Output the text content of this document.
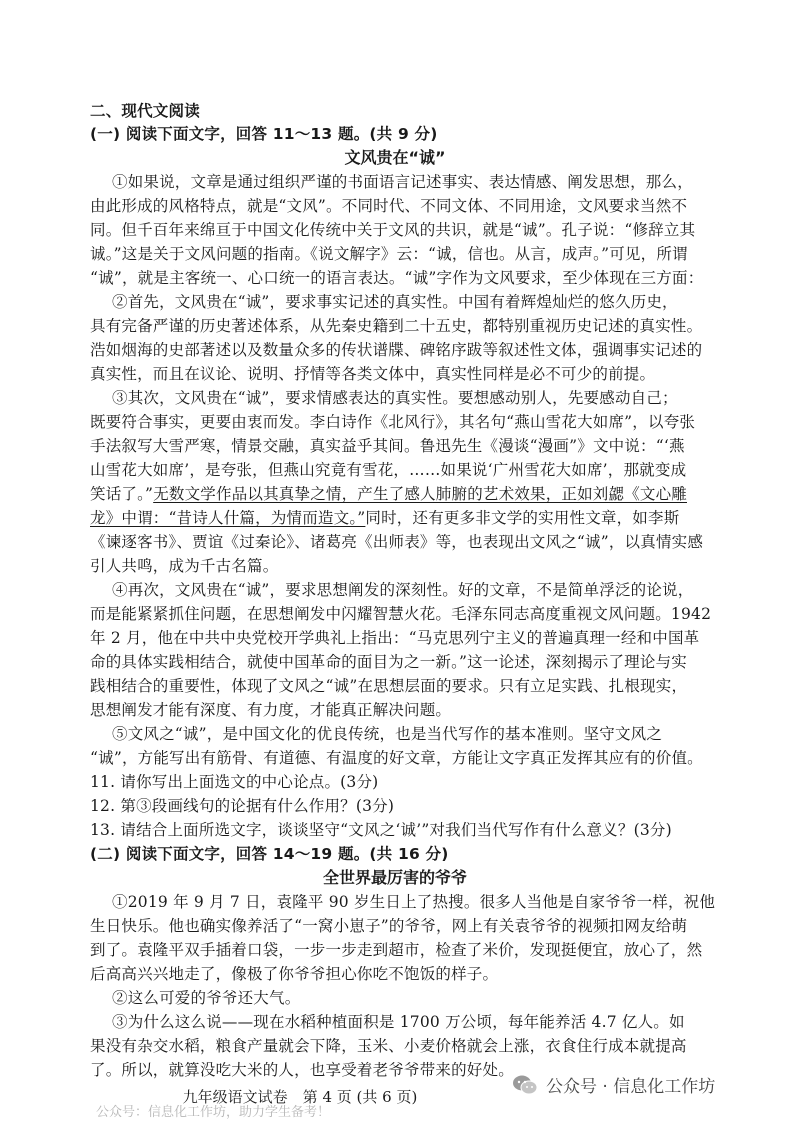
二、现代文阅读
(一) 阅读下面文字，回答 11～13 题。(共 9 分)
文风贵在“诚”
①如果说，文章是通过组织严谨的书面语言记述事实、表达情感、阐发思想，那么，
由此形成的风格特点，就是“文风”。不同时代、不同文体、不同用途，文风要求当然不
同。但千百年来绵亘于中国文化传统中关于文风的共识，就是“诚”。孔子说：“修辞立其
诚。”这是关于文风问题的指南。《说文解字》云：“诚，信也。从言，成声。”可见，所谓
“诚”，就是主客统一、心口统一的语言表达。“诚”字作为文风要求，至少体现在三方面：
②首先，文风贵在“诚”，要求事实记述的真实性。中国有着辉煌灿烂的悠久历史，
具有完备严谨的历史著述体系，从先秦史籍到二十五史，都特别重视历史记述的真实性。
浩如烟海的史部著述以及数量众多的传状谱牒、碑铭序跋等叙述性文体，强调事实记述的
真实性，而且在议论、说明、抒情等各类文体中，真实性同样是必不可少的前提。
③其次，文风贵在“诚”，要求情感表达的真实性。要想感动别人，先要感动自己；
既要符合事实，更要由衷而发。李白诗作《北风行》，其名句“燕山雪花大如席”，以夸张
手法叙写大雪严寒，情景交融，真实益乎其间。鲁迅先生《漫谈“漫画”》文中说：“‘燕
山雪花大如席’，是夸张，但燕山究竟有雪花，……如果说‘广州雪花大如席’，那就变成
笑话了。”无数文学作品以其真挚之情，产生了感人肺腑的艺术效果，正如刘勰《文心雕
龙》中谓：“昔诗人什篇，为情而造文。”同时，还有更多非文学的实用性文章，如李斯
《谏逐客书》、贾谊《过秦论》、诸葛亮《出师表》等，也表现出文风之“诚”，以真情实感
引人共鸣，成为千古名篇。
④再次，文风贵在“诚”，要求思想阐发的深刻性。好的文章，不是简单浮泛的论说，
而是能紧紧抓住问题，在思想阐发中闪耀智慧火花。毛泽东同志高度重视文风问题。1942
年 2 月，他在中共中央党校开学典礼上指出：“马克思列宁主义的普遍真理一经和中国革
命的具体实践相结合，就使中国革命的面目为之一新。”这一论述，深刻揭示了理论与实
践相结合的重要性，体现了文风之“诚”在思想层面的要求。只有立足实践、扎根现实，
思想阐发才能有深度、有力度，才能真正解决问题。
⑤文风之“诚”，是中国文化的优良传统，也是当代写作的基本准则。坚守文风之
“诚”，方能写出有筋骨、有道德、有温度的好文章，方能让文字真正发挥其应有的价值。
11. 请你写出上面选文的中心论点。(3分)
12. 第③段画线句的论据有什么作用？(3分)
13. 请结合上面所选文字，谈谈坚守“文风之‘诚’”对我们当代写作有什么意义？(3分)
(二) 阅读下面文字，回答 14～19 题。(共 16 分)
全世界最厉害的爷爷
①2019 年 9 月 7 日，袁隆平 90 岁生日上了热搜。很多人当他是自家爷爷一样，祝他
生日快乐。他也确实像养活了“一窝小崽子”的爷爷，网上有关袁爷爷的视频扣网友给萌
到了。袁隆平双手插着口袋，一步一步走到超市，检查了米价，发现挺便宜，放心了，然
后高高兴兴地走了，像极了你爷爷担心你吃不饱饭的样子。
②这么可爱的爷爷还大气。
③为什么这么说——现在水稻种植面积是 1700 万公顷，每年能养活 4.7 亿人。如
果没有杂交水稻，粮食产量就会下降，玉米、小麦价格就会上涨，衣食住行成本就提高
了。所以，就算没吃大米的人，也享受着老爷爷带来的好处。
九年级语文试卷　第 4 页 (共 6 页)
公众号：信息化工作坊，助力学生备考！
公众号 · 信息化工作坊
